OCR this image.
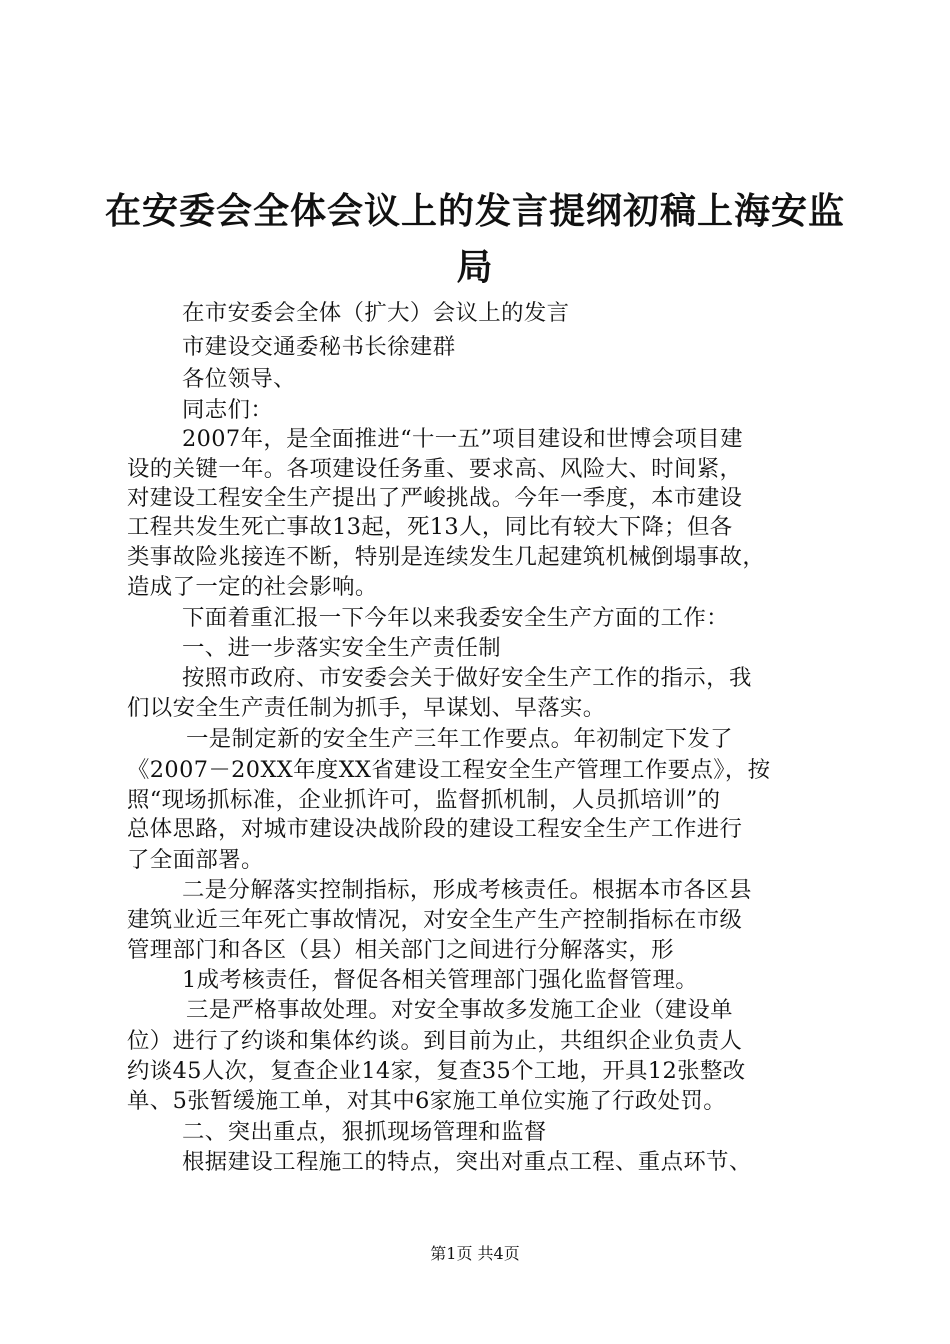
在安委会全体会议上的发言提纲初稿上海安监
局
在市安委会全体（扩大）会议上的发言
市建设交通委秘书长徐建群
各位领导、
同志们：
2007年，是全面推进“十一五”项目建设和世博会项目建
设的关键一年。各项建设任务重、要求高、风险大、时间紧，
对建设工程安全生产提出了严峻挑战。今年一季度，本市建设
工程共发生死亡事故13起，死13人，同比有较大下降；但各
类事故险兆接连不断，特别是连续发生几起建筑机械倒塌事故，
造成了一定的社会影响。
下面着重汇报一下今年以来我委安全生产方面的工作：
一、进一步落实安全生产责任制
按照市政府、市安委会关于做好安全生产工作的指示，我
们以安全生产责任制为抓手，早谋划、早落实。
一是制定新的安全生产三年工作要点。年初制定下发了
《2007－20XX年度XX省建设工程安全生产管理工作要点》，按
照“现场抓标准，企业抓许可，监督抓机制，人员抓培训”的
总体思路，对城市建设决战阶段的建设工程安全生产工作进行
了全面部署。
二是分解落实控制指标，形成考核责任。根据本市各区县
建筑业近三年死亡事故情况，对安全生产生产控制指标在市级
管理部门和各区（县）相关部门之间进行分解落实，形
1成考核责任，督促各相关管理部门强化监督管理。
三是严格事故处理。对安全事故多发施工企业（建设单
位）进行了约谈和集体约谈。到目前为止，共组织企业负责人
约谈45人次，复查企业14家，复查35个工地，开具12张整改
单、5张暂缓施工单，对其中6家施工单位实施了行政处罚。
二、突出重点，狠抓现场管理和监督
根据建设工程施工的特点，突出对重点工程、重点环节、
第1页 共4页
